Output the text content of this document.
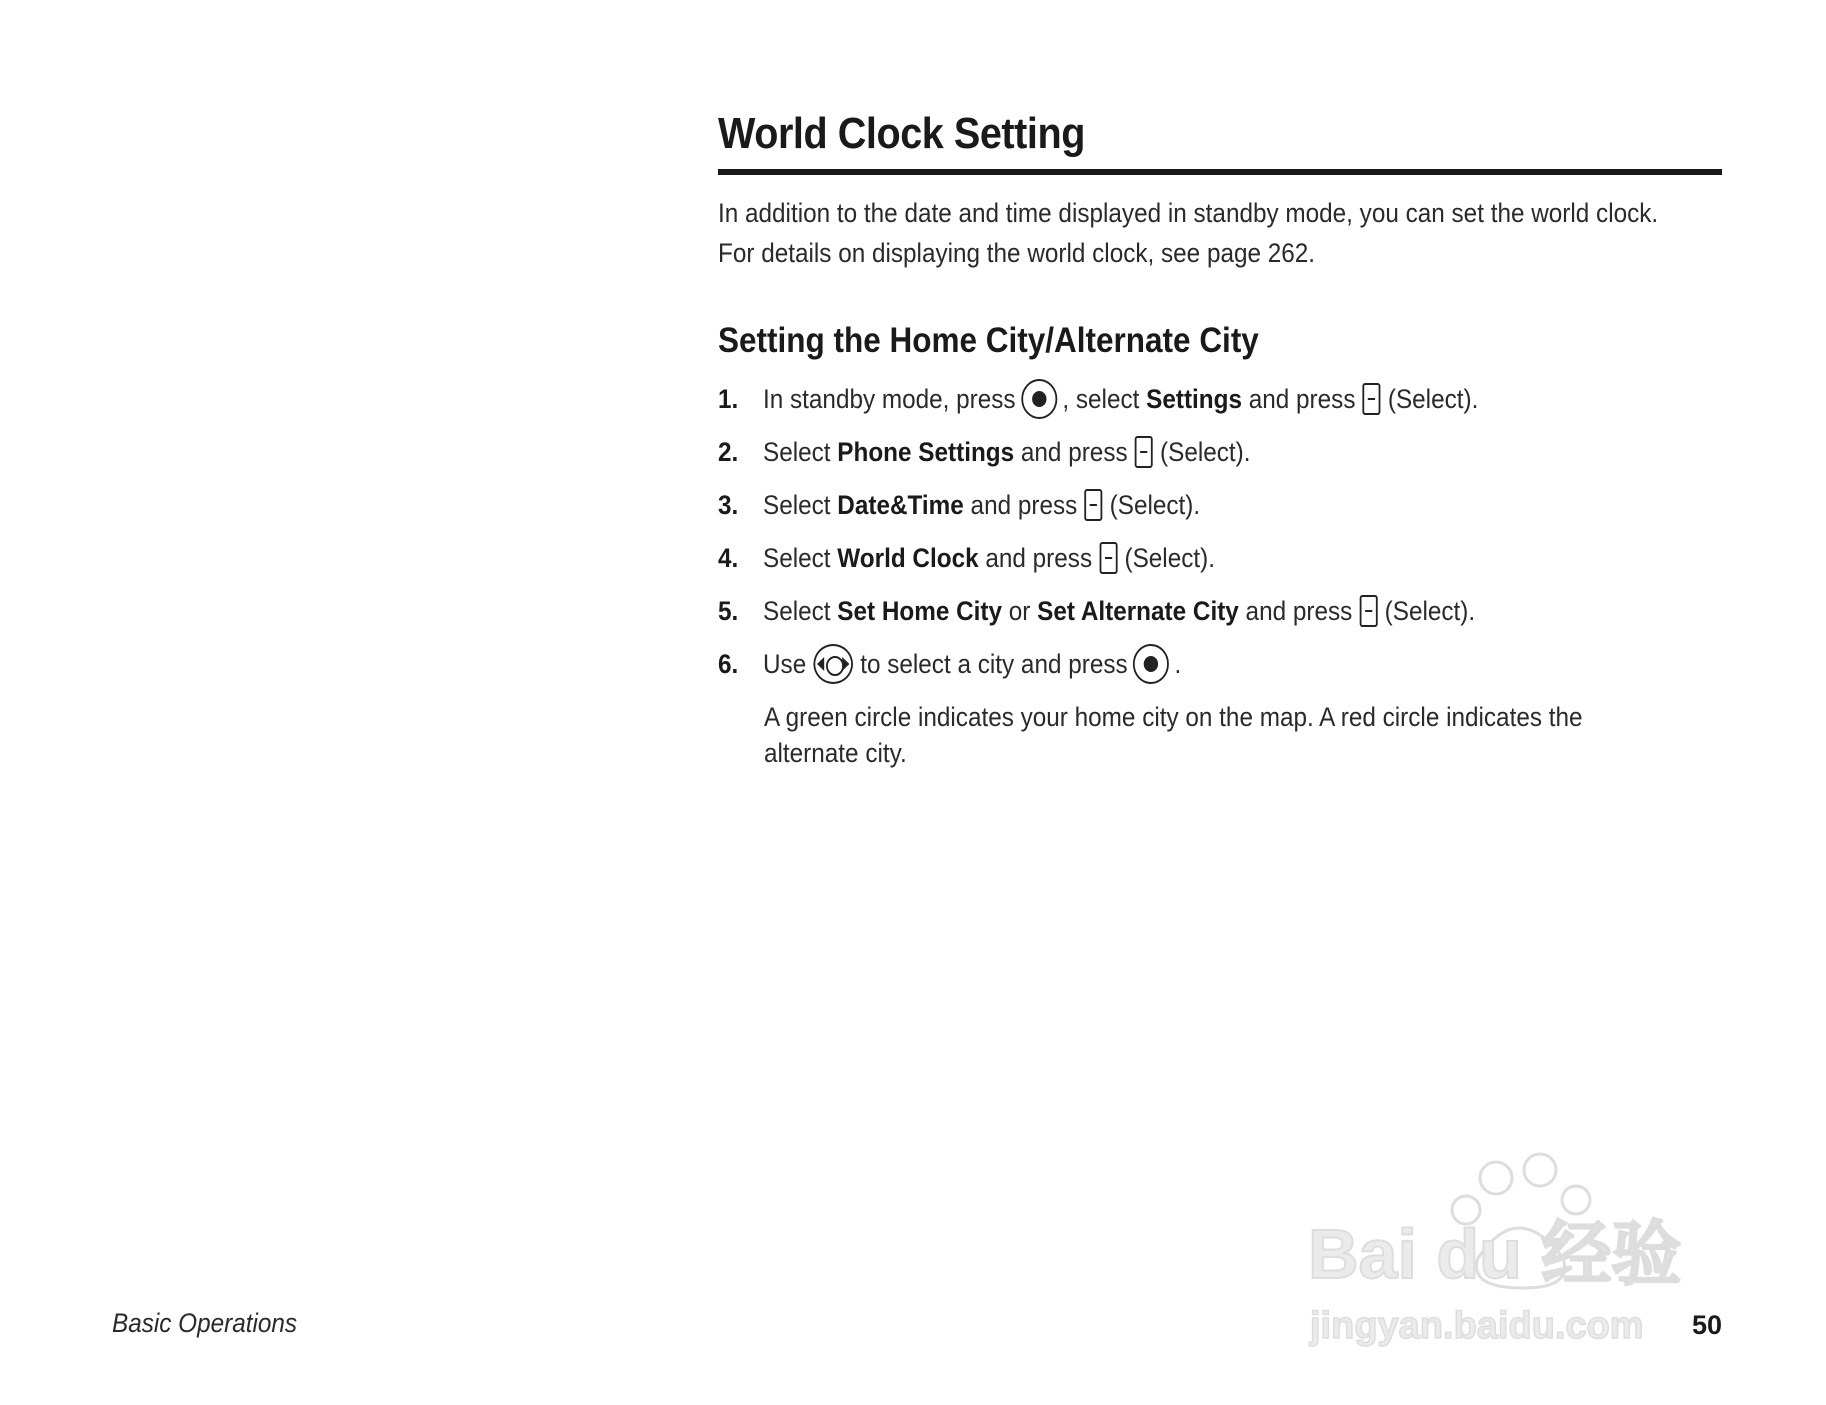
World Clock Setting
In addition to the date and time displayed in standby mode, you can set the world clock.
For details on displaying the world clock, see page 262.
Setting the Home City/Alternate City
1. In standby mode, press , select Settings and press (Select).
2. Select Phone Settings and press (Select).
3. Select Date&Time and press (Select).
4. Select World Clock and press (Select).
5. Select Set Home City or Set Alternate City and press (Select).
6. Use to select a city and press .
A green circle indicates your home city on the map. A red circle indicates the alternate city.
Basic Operations	50
Bai du 经验
jingyan.baidu.com
